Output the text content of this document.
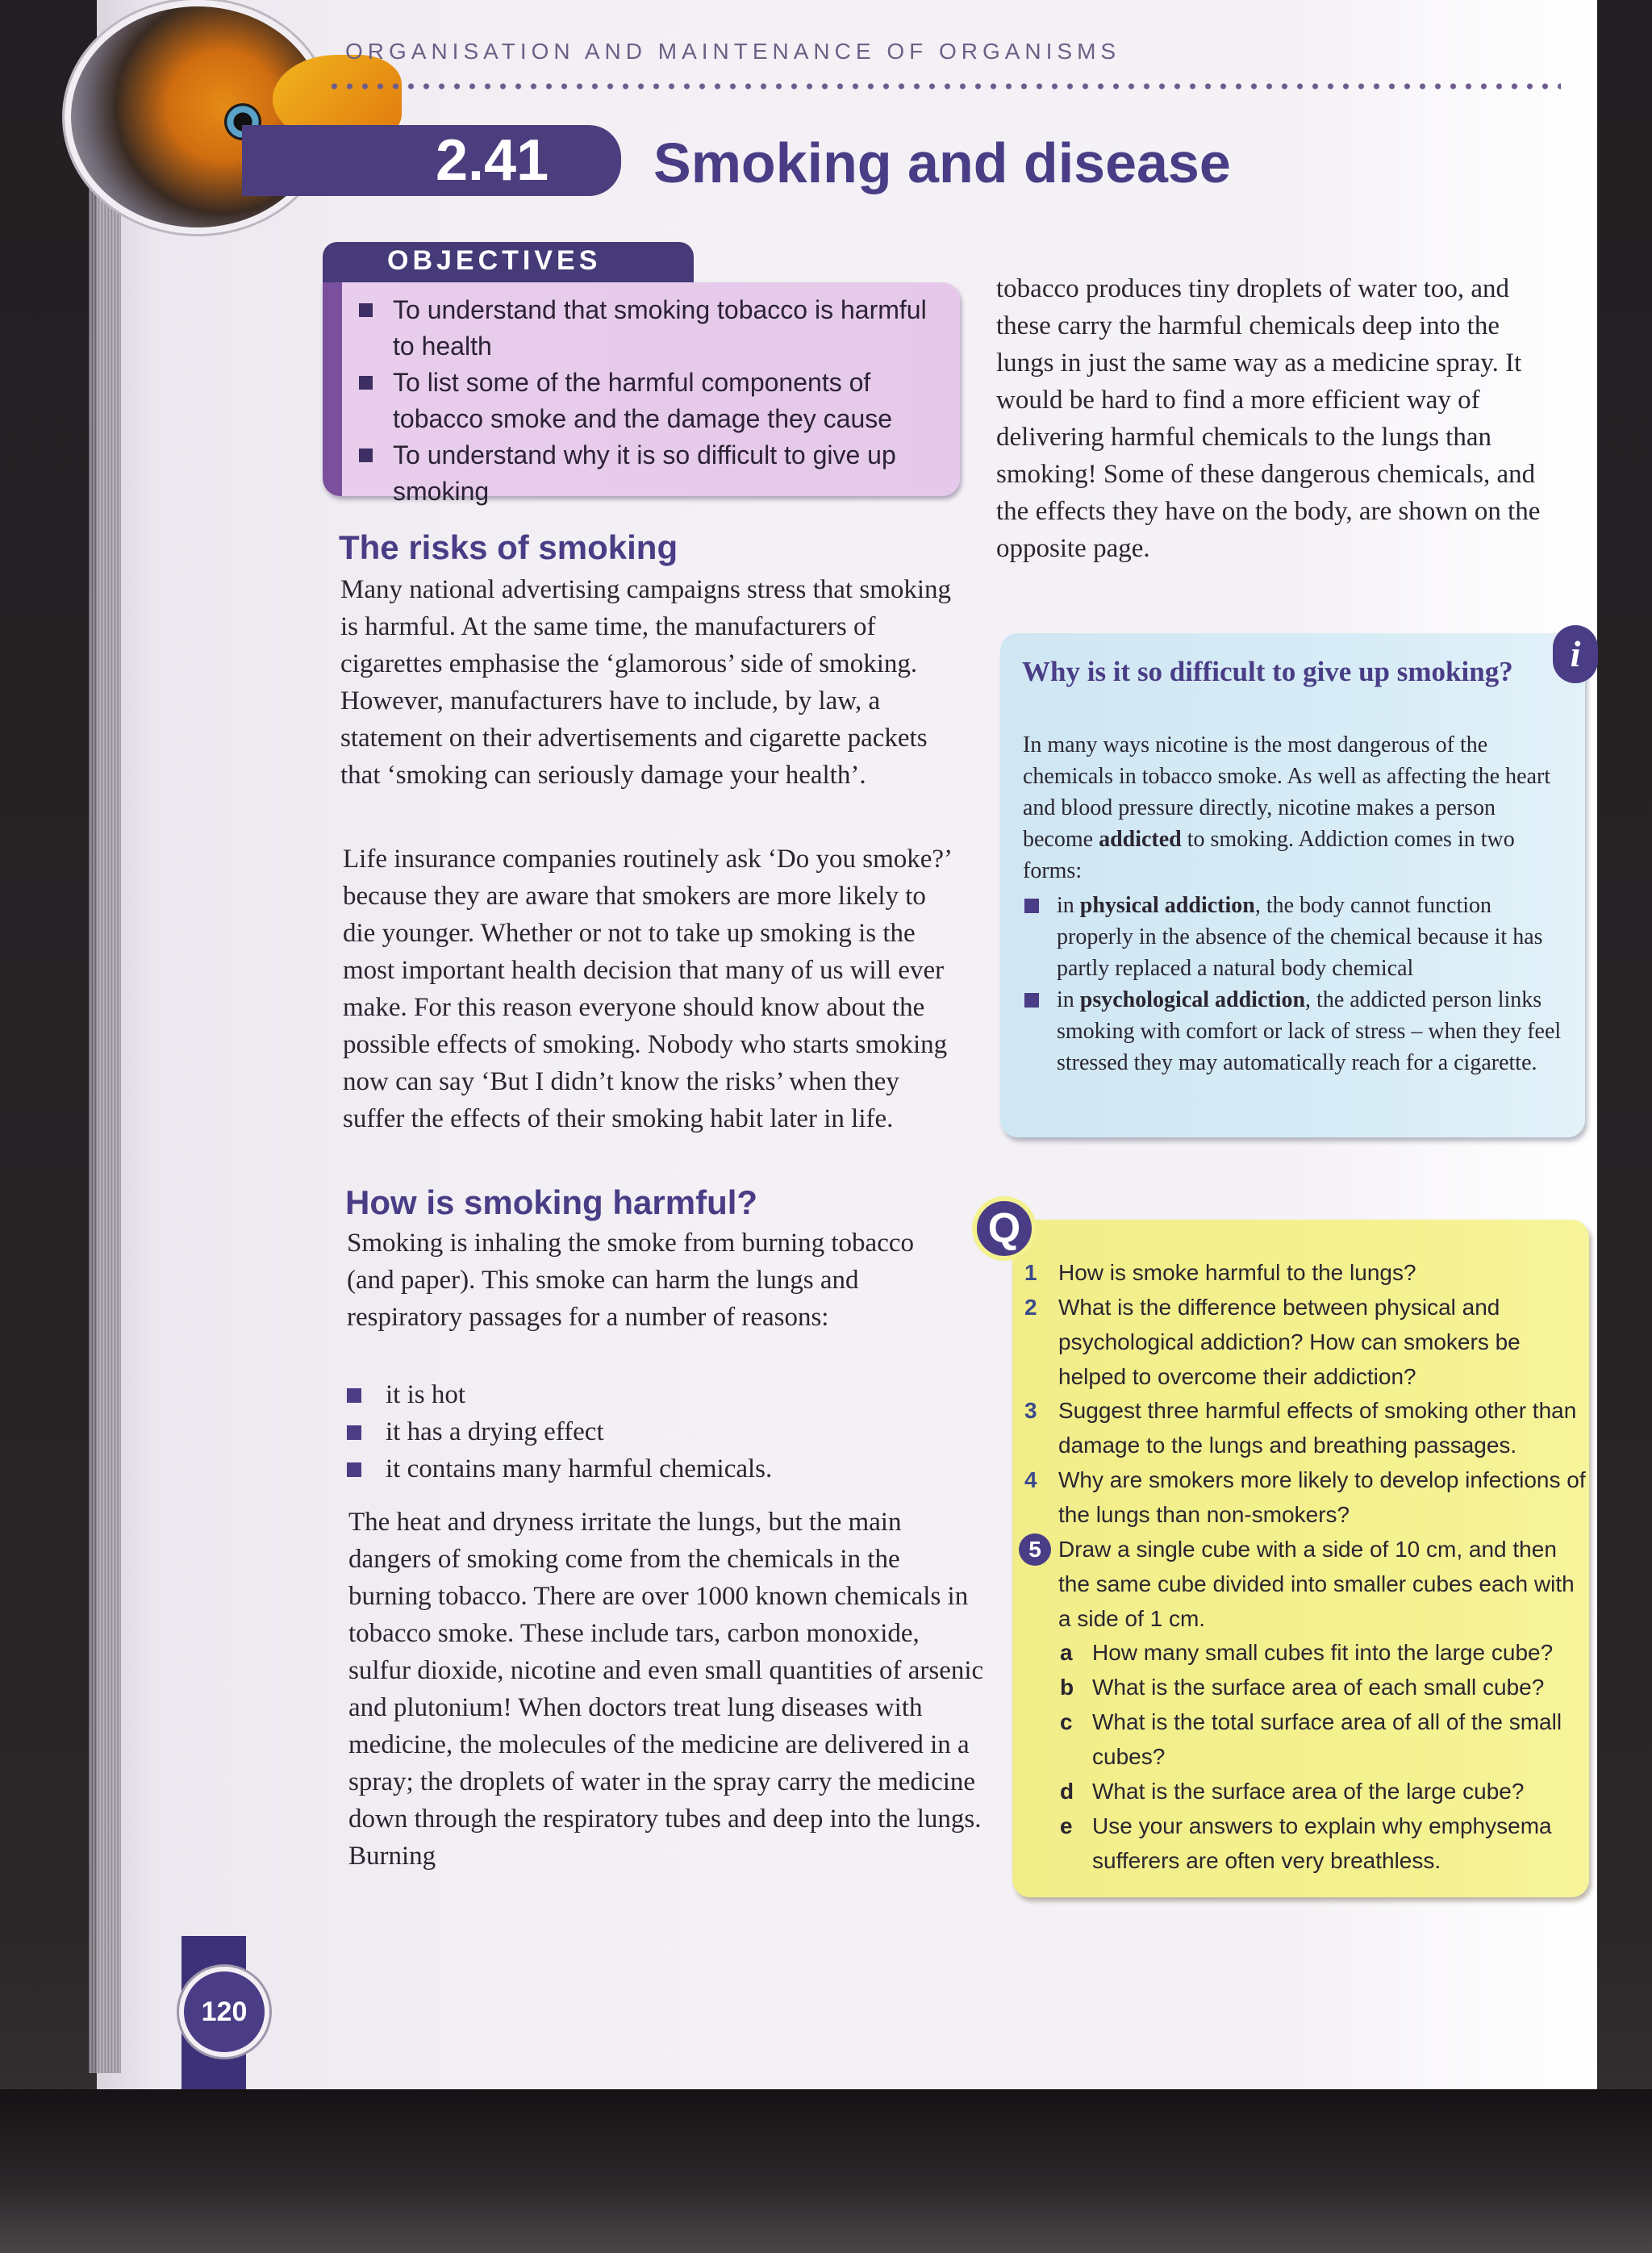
ORGANISATION AND MAINTENANCE OF ORGANISMS
2.41 Smoking and disease
OBJECTIVES
To understand that smoking tobacco is harmful to health
To list some of the harmful components of tobacco smoke and the damage they cause
To understand why it is so difficult to give up smoking
The risks of smoking
Many national advertising campaigns stress that smoking is harmful. At the same time, the manufacturers of cigarettes emphasise the ‘glamorous’ side of smoking. However, manufacturers have to include, by law, a statement on their advertisements and cigarette packets that ‘smoking can seriously damage your health’.
Life insurance companies routinely ask ‘Do you smoke?’ because they are aware that smokers are more likely to die younger. Whether or not to take up smoking is the most important health decision that many of us will ever make. For this reason everyone should know about the possible effects of smoking. Nobody who starts smoking now can say ‘But I didn’t know the risks’ when they suffer the effects of their smoking habit later in life.
How is smoking harmful?
Smoking is inhaling the smoke from burning tobacco (and paper). This smoke can harm the lungs and respiratory passages for a number of reasons:
it is hot
it has a drying effect
it contains many harmful chemicals.
The heat and dryness irritate the lungs, but the main dangers of smoking come from the chemicals in the burning tobacco. There are over 1000 known chemicals in tobacco smoke. These include tars, carbon monoxide, sulfur dioxide, nicotine and even small quantities of arsenic and plutonium! When doctors treat lung diseases with medicine, the molecules of the medicine are delivered in a spray; the droplets of water in the spray carry the medicine down through the respiratory tubes and deep into the lungs. Burning
tobacco produces tiny droplets of water too, and these carry the harmful chemicals deep into the lungs in just the same way as a medicine spray. It would be hard to find a more efficient way of delivering harmful chemicals to the lungs than smoking! Some of these dangerous chemicals, and the effects they have on the body, are shown on the opposite page.
i
Why is it so difficult to give up smoking?
In many ways nicotine is the most dangerous of the chemicals in tobacco smoke. As well as affecting the heart and blood pressure directly, nicotine makes a person become addicted to smoking. Addiction comes in two forms:
in physical addiction, the body cannot function properly in the absence of the chemical because it has partly replaced a natural body chemical
in psychological addiction, the addicted person links smoking with comfort or lack of stress – when they feel stressed they may automatically reach for a cigarette.
Q
1 How is smoke harmful to the lungs?
2 What is the difference between physical and psychological addiction? How can smokers be helped to overcome their addiction?
3 Suggest three harmful effects of smoking other than damage to the lungs and breathing passages.
4 Why are smokers more likely to develop infections of the lungs than non-smokers?
5 Draw a single cube with a side of 10 cm, and then the same cube divided into smaller cubes each with a side of 1 cm.
a How many small cubes fit into the large cube?
b What is the surface area of each small cube?
c What is the total surface area of all of the small cubes?
d What is the surface area of the large cube?
e Use your answers to explain why emphysema sufferers are often very breathless.
120
